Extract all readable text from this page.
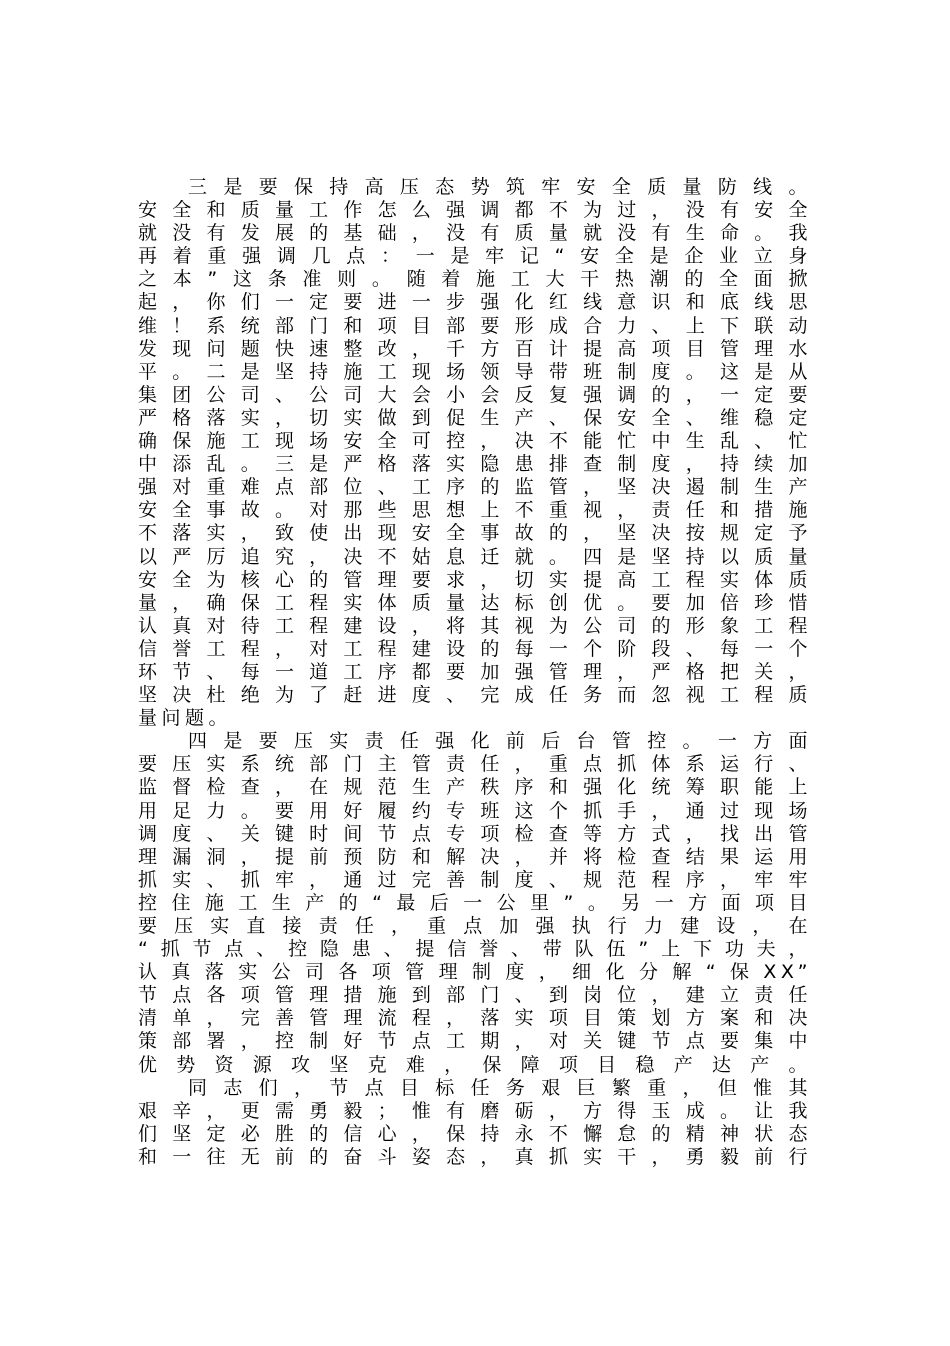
三是要保持高压态势筑牢安全质量防线。
安全和质量工作怎么强调都不为过，没有安全
就没有发展的基础，没有质量就没有生命。我
再着重强调几点：一是牢记“安全是企业立身
之本”这条准则。随着施工大干热潮的全面掀
起，你们一定要进一步强化红线意识和底线思
维！系统部门和项目部要形成合力、上下联动
发现问题快速整改，千方百计提高项目管理水
平。二是坚持施工现场领导带班制度。这是从
集团公司、公司大会小会反复强调的，一定要
严格落实，切实做到促生产、保安全、维稳定
确保施工现场安全可控，决不能忙中生乱、忙
中添乱。三是严格落实隐患排查制度，持续加
强对重难点部位、工序的监管，坚决遏制生产
安全事故。对那些思想上不重视，责任和措施
不落实，致使出现安全事故的，坚决按规定予
以严厉追究，决不姑息迁就。四是坚持以质量
安全为核心的管理要求，切实提高工程实体质
量，确保工程实体质量达标创优。要加倍珍惜
认真对待工程建设，将其视为公司的形象工程
信誉工程，对工程建设的每一个阶段、每一个
环节、每一道工序都要加强管理，严格把关，
坚决杜绝为了赶进度、完成任务而忽视工程质
量问题。
四是要压实责任强化前后台管控。一方面
要压实系统部门主管责任，重点抓体系运行、
监督检查，在规范生产秩序和强化统筹职能上
用足力。要用好履约专班这个抓手，通过现场
调度、关键时间节点专项检查等方式，找出管
理漏洞，提前预防和解决，并将检查结果运用
抓实、抓牢，通过完善制度、规范程序，牢牢
控住施工生产的“最后一公里”。另一方面项目
要压实直接责任，重点加强执行力建设，在
“抓节点、控隐患、提信誉、带队伍”上下功夫，
认真落实公司各项管理制度，细化分解“保XX”
节点各项管理措施到部门、到岗位，建立责任
清单，完善管理流程，落实项目策划方案和决
策部署，控制好节点工期，对关键节点要集中
优势资源攻坚克难，保障项目稳产达产。
同志们，节点目标任务艰巨繁重，但惟其
艰辛，更需勇毅；惟有磨砺，方得玉成。让我
们坚定必胜的信心，保持永不懈怠的精神状态
和一往无前的奋斗姿态，真抓实干，勇毅前行
